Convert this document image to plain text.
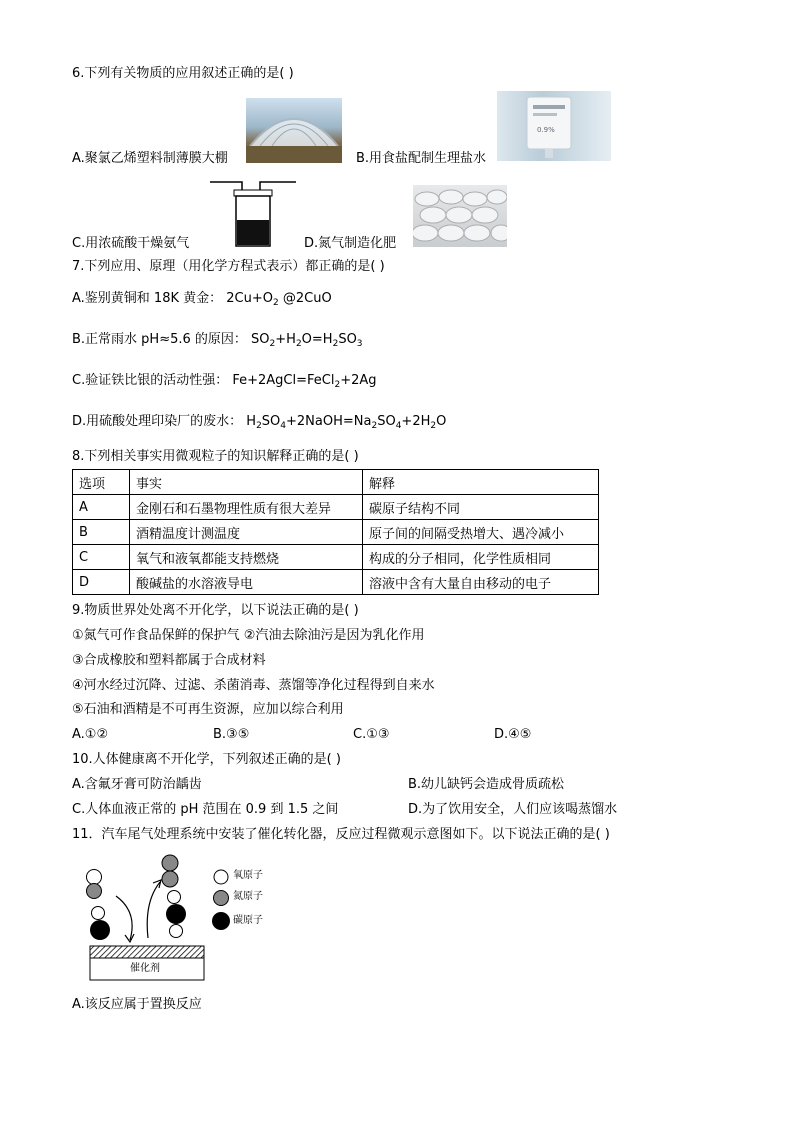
6.下列有关物质的应用叙述正确的是( )
A.聚氯乙烯塑料制薄膜大棚
0.9%
B.用食盐配制生理盐水
C.用浓硫酸干燥氨气	D.氮气制造化肥
7.下列应用、原理（用化学方程式表示）都正确的是( )
A.鉴别黄铜和 18K 黄金： $2Cu+O_2$ @2CuO
B.正常雨水 pH≈5.6 的原因： $SO_2+H_2O=H_2SO_3$
C.验证铁比银的活动性强： Fe+2AgCl=FeCl$_2$+2Ag
D.用硫酸处理印染厂的废水： $H_2SO_4+2NaOH=Na_2SO_4+2H_2O$
8.下列相关事实用微观粒子的知识解释正确的是( )
选项	事实	解释
A	金刚石和石墨物理性质有很大差异	碳原子结构不同
B	酒精温度计测温度	原子间的间隔受热增大、遇冷减小
C	氧气和液氧都能支持燃烧	构成的分子相同，化学性质相同
D	酸碱盐的水溶液导电	溶液中含有大量自由移动的电子
9.物质世界处处离不开化学，以下说法正确的是( )
①氮气可作食品保鲜的保护气 ②汽油去除油污是因为乳化作用
③合成橡胶和塑料都属于合成材料
④河水经过沉降、过滤、杀菌消毒、蒸馏等净化过程得到自来水
⑤石油和酒精是不可再生资源，应加以综合利用
A.①②	B.③⑤	C.①③	D.④⑤
10.人体健康离不开化学，下列叙述正确的是( )
A.含氟牙膏可防治龋齿	B.幼儿缺钙会造成骨质疏松
C.人体血液正常的 pH 范围在 0.9 到 1.5 之间	D.为了饮用安全，人们应该喝蒸馏水
11．汽车尾气处理系统中安装了催化转化器，反应过程微观示意图如下。以下说法正确的是( )
氧原子
氮原子
碳原子
催化剂
A.该反应属于置换反应
